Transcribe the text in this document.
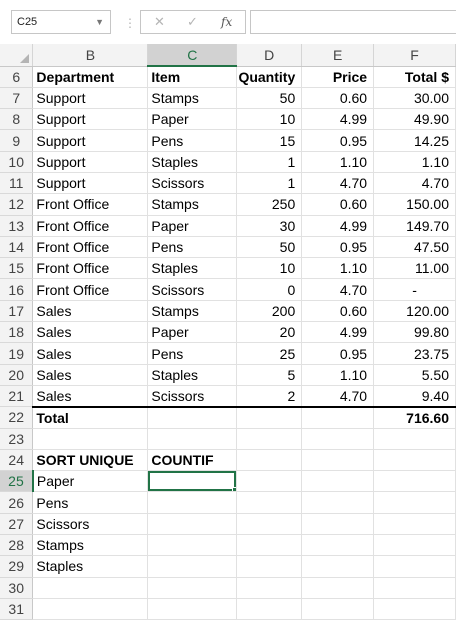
C25	▼ ⋮ ✕ ✓ fx
	B	C	D	E	F
6	Department	Item	Quantity	Price	Total $
7	Support	Stamps	50	0.60	30.00
8	Support	Paper	10	4.99	49.90
9	Support	Pens	15	0.95	14.25
10	Support	Staples	1	1.10	1.10
11	Support	Scissors	1	4.70	4.70
12	Front Office	Stamps	250	0.60	150.00
13	Front Office	Paper	30	4.99	149.70
14	Front Office	Pens	50	0.95	47.50
15	Front Office	Staples	10	1.10	11.00
16	Front Office	Scissors	0	4.70	-
17	Sales	Stamps	200	0.60	120.00
18	Sales	Paper	20	4.99	99.80
19	Sales	Pens	25	0.95	23.75
20	Sales	Staples	5	1.10	5.50
21	Sales	Scissors	2	4.70	9.40
22	Total				716.60
23					
24	SORT UNIQUE	COUNTIF			
25	Paper	

26	Pens				
27	Scissors				
28	Stamps				
29	Staples				
30					
31					
